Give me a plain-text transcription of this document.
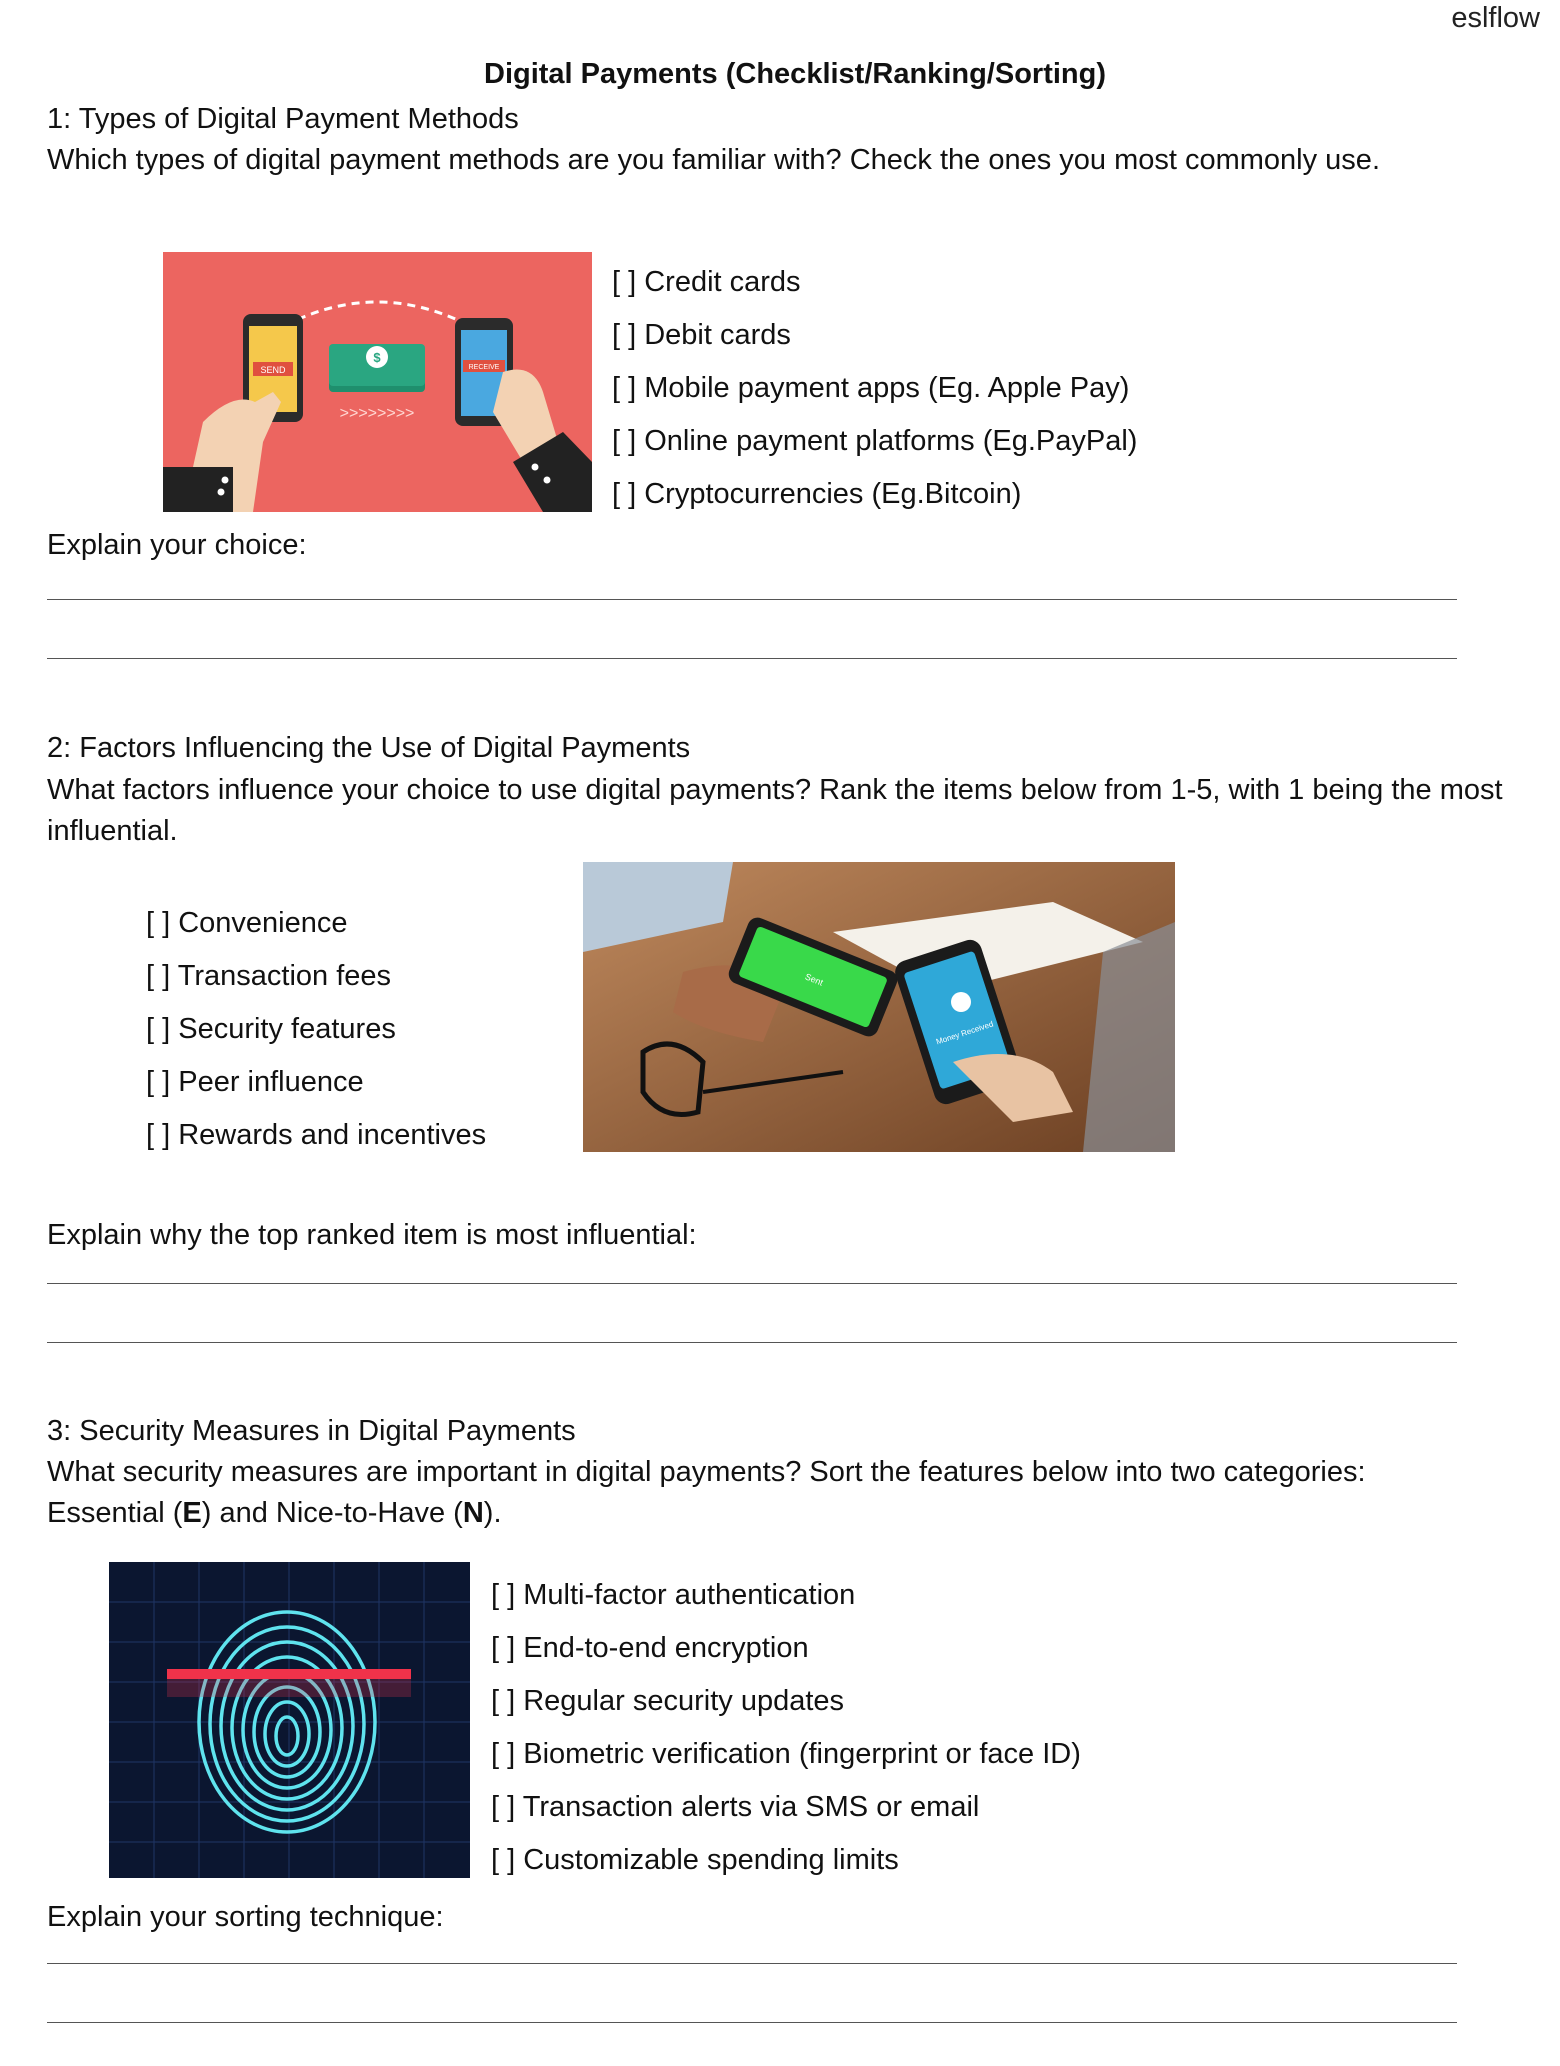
eslflow
Digital Payments (Checklist/Ranking/Sorting)
1: Types of Digital Payment Methods
Which types of digital payment methods are you familiar with? Check the ones you most commonly use.
SEND
$
>>>>>>>>
RECEIVE
[ ] Credit cards
[ ] Debit cards
[ ] Mobile payment apps (Eg. Apple Pay)
[ ] Online payment platforms (Eg.PayPal)
[ ] Cryptocurrencies (Eg.Bitcoin)
Explain your choice:
2: Factors Influencing the Use of Digital Payments
What factors influence your choice to use digital payments? Rank the items below from 1-5, with 1 being the most influential.
[ ] Convenience
[ ] Transaction fees
[ ] Security features
[ ] Peer influence
[ ] Rewards and incentives
Sent
Money Received
Explain why the top ranked item is most influential:
3: Security Measures in Digital Payments
What security measures are important in digital payments? Sort the features below into two categories:
Essential (E) and Nice-to-Have (N).
[ ] Multi-factor authentication
[ ] End-to-end encryption
[ ] Regular security updates
[ ] Biometric verification (fingerprint or face ID)
[ ] Transaction alerts via SMS or email
[ ] Customizable spending limits
Explain your sorting technique:
